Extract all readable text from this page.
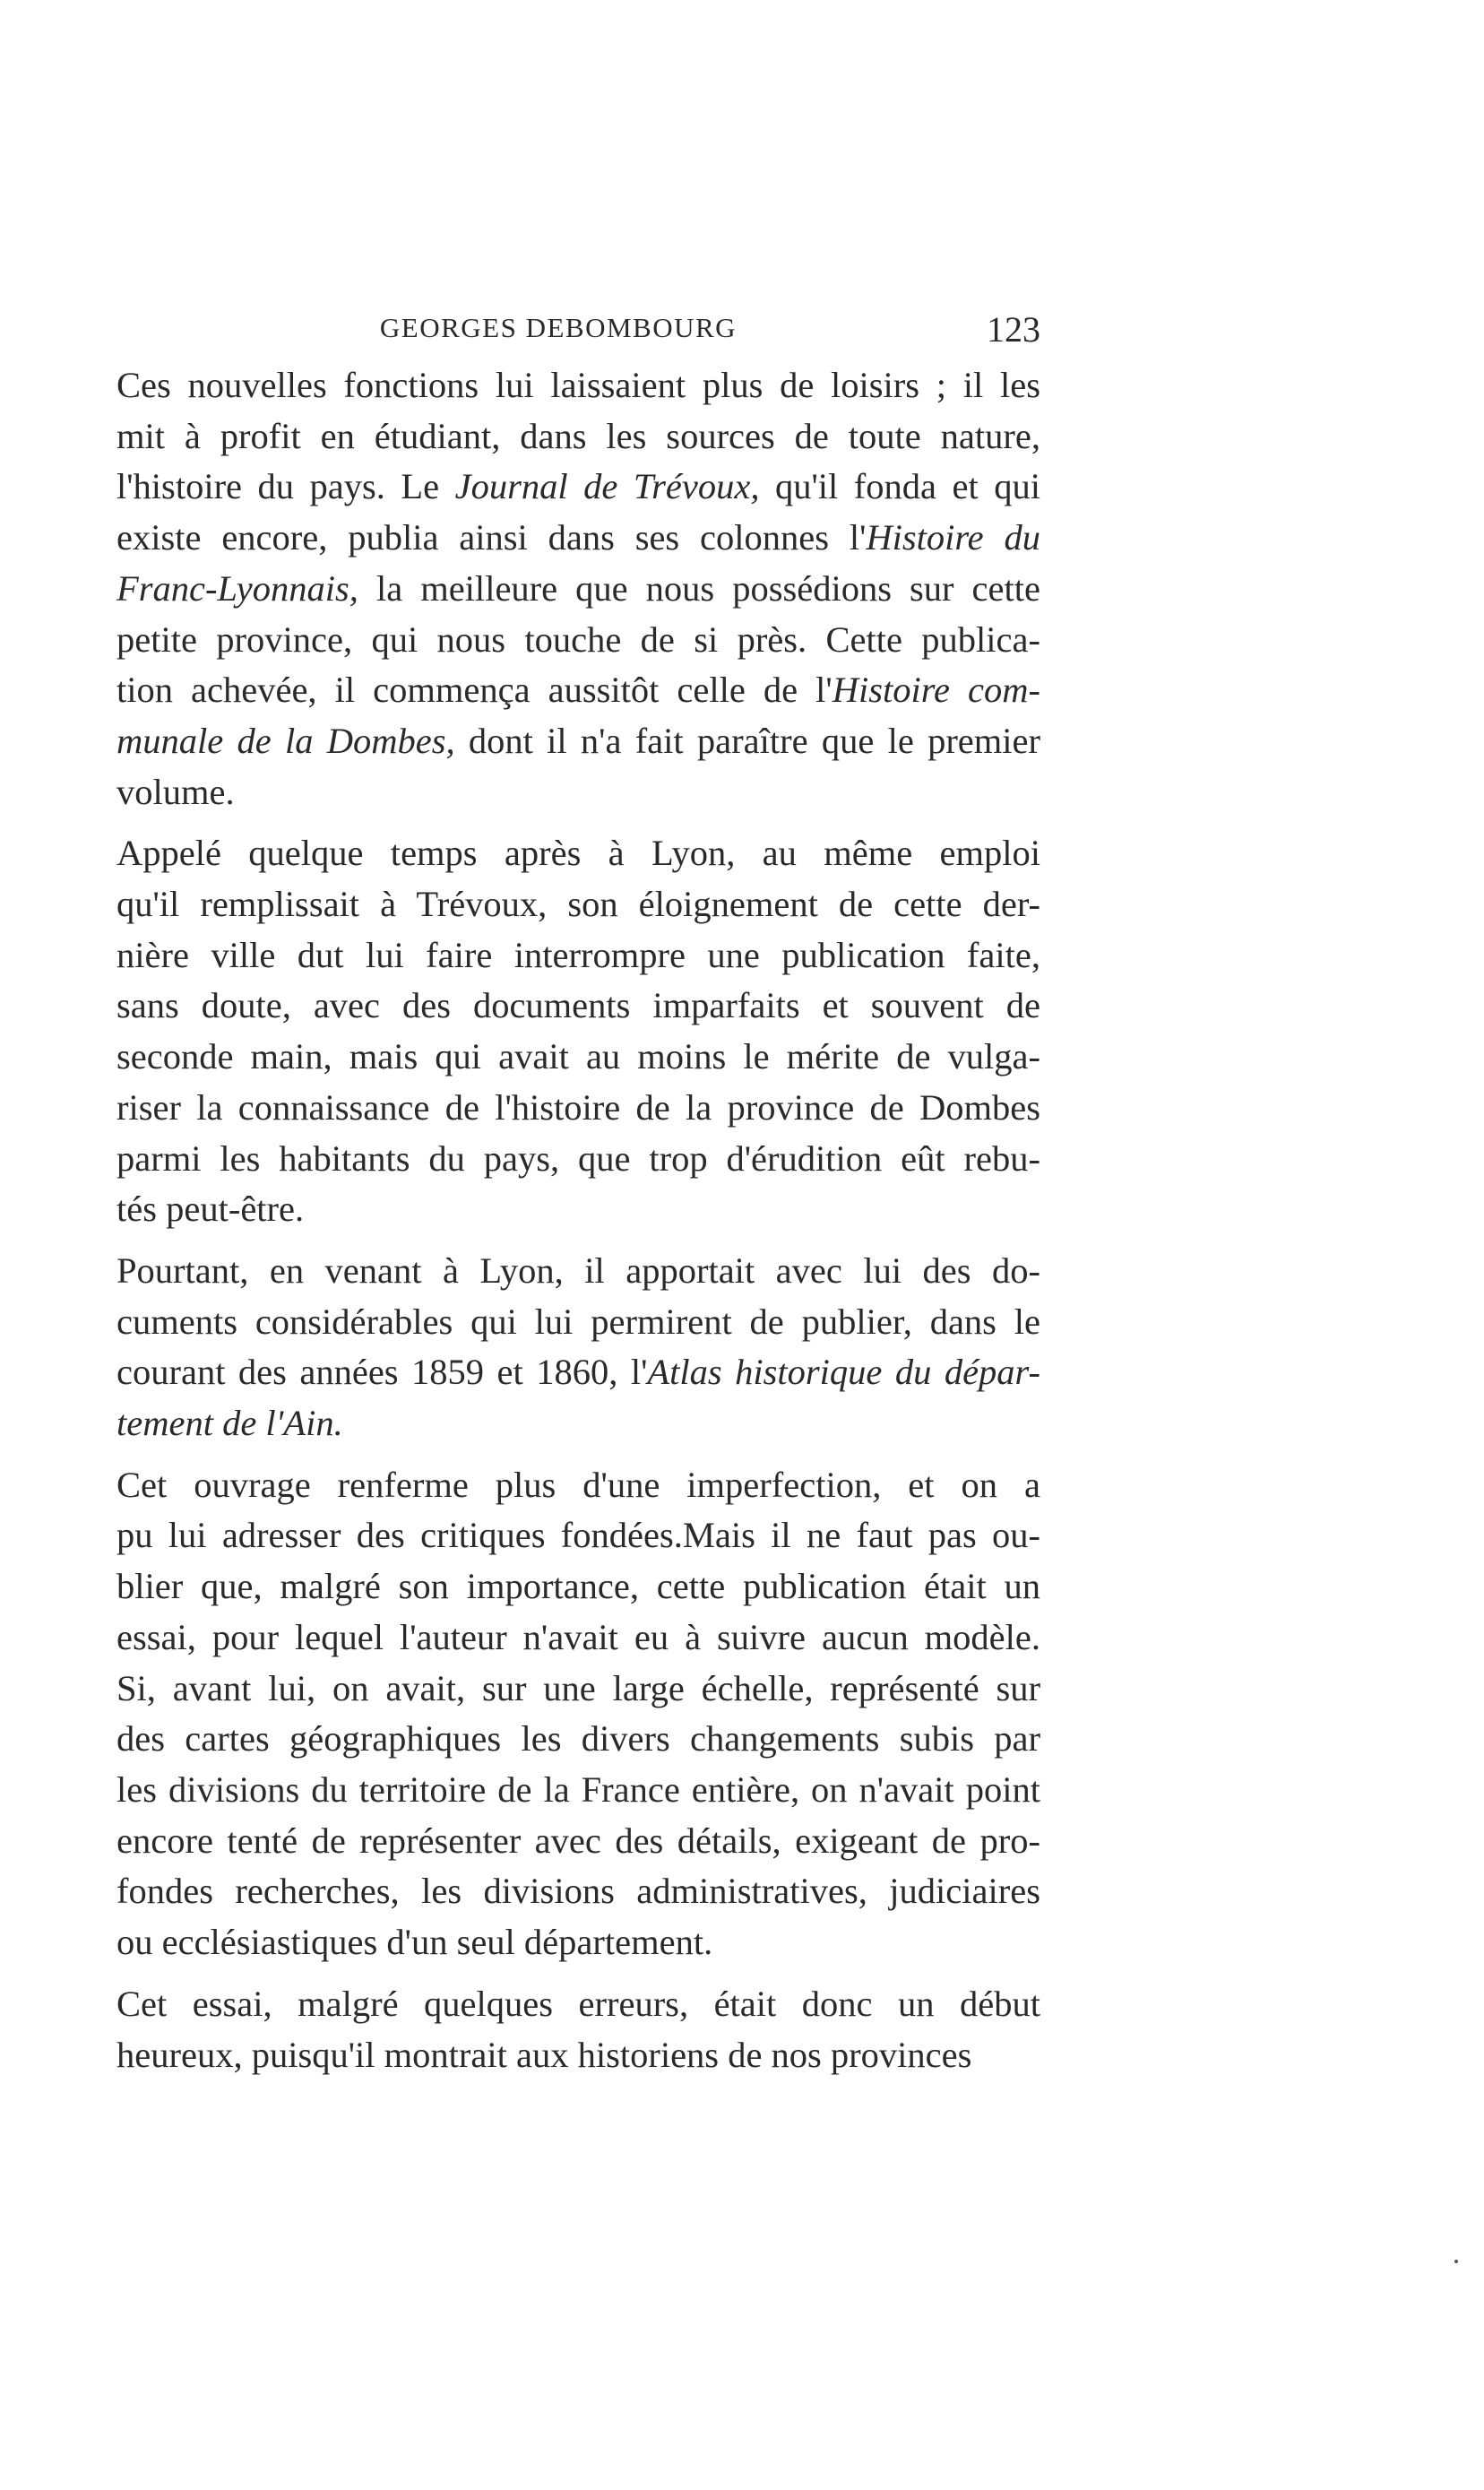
GEORGES DEBOMBOURG	123
Ces nouvelles fonctions lui laissaient plus de loisirs ; il les
mit à profit en étudiant, dans les sources de toute nature,
l'histoire du pays. Le Journal de Trévoux, qu'il fonda et qui
existe encore, publia ainsi dans ses colonnes l'Histoire du
Franc-Lyonnais, la meilleure que nous possédions sur cette
petite province, qui nous touche de si près. Cette publica-
tion achevée, il commença aussitôt celle de l'Histoire com-
munale de la Dombes, dont il n'a fait paraître que le premier
volume.
Appelé quelque temps après à Lyon, au même emploi
qu'il remplissait à Trévoux, son éloignement de cette der-
nière ville dut lui faire interrompre une publication faite,
sans doute, avec des documents imparfaits et souvent de
seconde main, mais qui avait au moins le mérite de vulga-
riser la connaissance de l'histoire de la province de Dombes
parmi les habitants du pays, que trop d'érudition eût rebu-
tés peut-être.
Pourtant, en venant à Lyon, il apportait avec lui des do-
cuments considérables qui lui permirent de publier, dans le
courant des années 1859 et 1860, l'Atlas historique du dépar-
tement de l'Ain.
Cet ouvrage renferme plus d'une imperfection, et on a
pu lui adresser des critiques fondées.Mais il ne faut pas ou-
blier que, malgré son importance, cette publication était un
essai, pour lequel l'auteur n'avait eu à suivre aucun modèle.
Si, avant lui, on avait, sur une large échelle, représenté sur
des cartes géographiques les divers changements subis par
les divisions du territoire de la France entière, on n'avait point
encore tenté de représenter avec des détails, exigeant de pro-
fondes recherches, les divisions administratives, judiciaires
ou ecclésiastiques d'un seul département.
Cet essai, malgré quelques erreurs, était donc un début
heureux, puisqu'il montrait aux historiens de nos provinces
